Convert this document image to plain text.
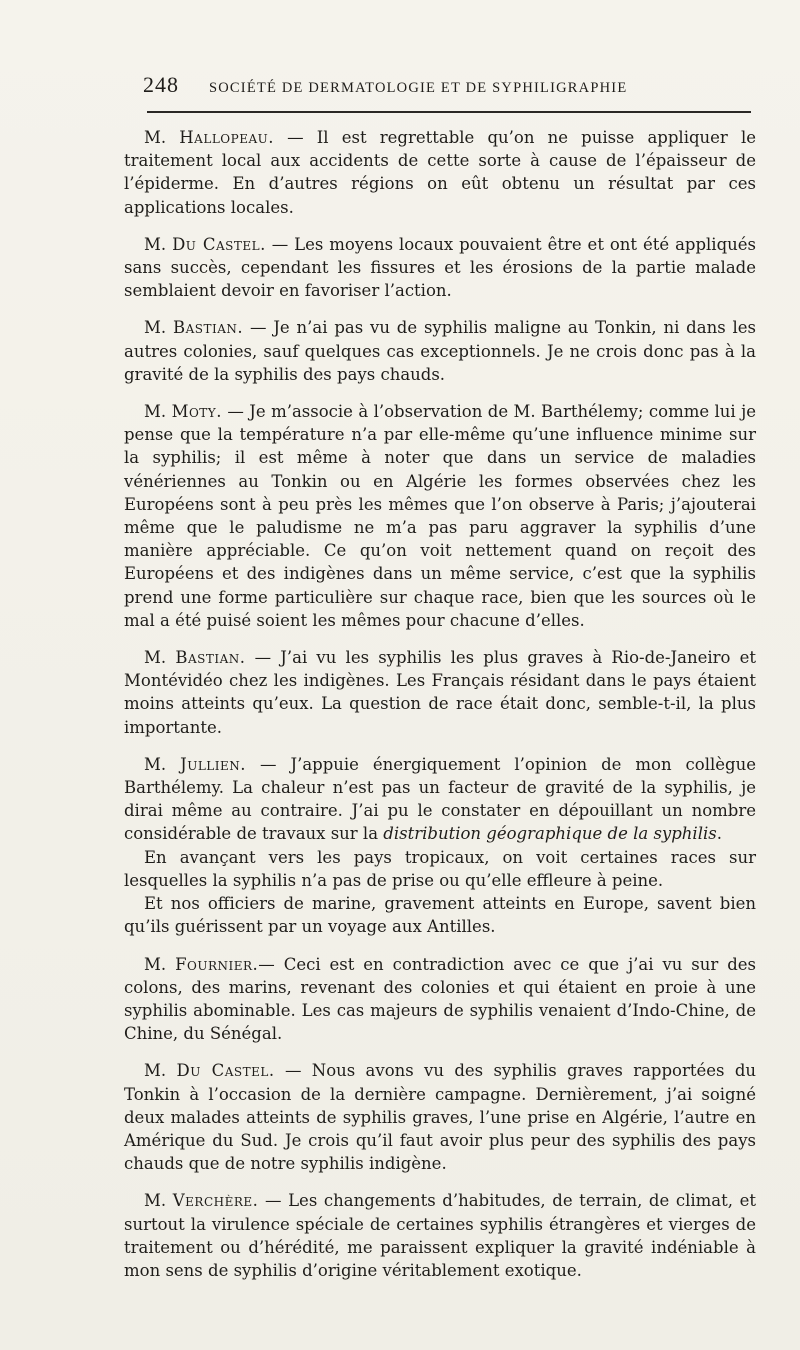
248	SOCIÉTÉ DE DERMATOLOGIE ET DE SYPHILIGRAPHIE

M. Hallopeau. — Il est regrettable qu’on ne puisse appliquer le traitement local aux accidents de cette sorte à cause de l’épaisseur de l’épiderme. En d’autres régions on eût obtenu un résultat par ces applications locales.

M. Du Castel. — Les moyens locaux pouvaient être et ont été appliqués sans succès, cependant les fissures et les érosions de la partie malade semblaient devoir en favoriser l’action.

M. Bastian. — Je n’ai pas vu de syphilis maligne au Tonkin, ni dans les autres colonies, sauf quelques cas exceptionnels. Je ne crois donc pas à la gravité de la syphilis des pays chauds.

M. Moty. — Je m’associe à l’observation de M. Barthélemy; comme lui je pense que la température n’a par elle-même qu’une influence minime sur la syphilis; il est même à noter que dans un service de maladies vénériennes au Tonkin ou en Algérie les formes observées chez les Européens sont à peu près les mêmes que l’on observe à Paris; j’ajouterai même que le paludisme ne m’a pas paru aggraver la syphilis d’une manière appréciable. Ce qu’on voit nettement quand on reçoit des Européens et des indigènes dans un même service, c’est que la syphilis prend une forme particulière sur chaque race, bien que les sources où le mal a été puisé soient les mêmes pour chacune d’elles.

M. Bastian. — J’ai vu les syphilis les plus graves à Rio-de-Janeiro et Montévidéo chez les indigènes. Les Français résidant dans le pays étaient moins atteints qu’eux. La question de race était donc, semble-t-il, la plus importante.

M. Jullien. — J’appuie énergiquement l’opinion de mon collègue Barthélemy. La chaleur n’est pas un facteur de gravité de la syphilis, je dirai même au contraire. J’ai pu le constater en dépouillant un nombre considérable de travaux sur la distribution géographique de la syphilis.

En avançant vers les pays tropicaux, on voit certaines races sur lesquelles la syphilis n’a pas de prise ou qu’elle effleure à peine.

Et nos officiers de marine, gravement atteints en Europe, savent bien qu’ils guérissent par un voyage aux Antilles.

M. Fournier.— Ceci est en contradiction avec ce que j’ai vu sur des colons, des marins, revenant des colonies et qui étaient en proie à une syphilis abominable. Les cas majeurs de syphilis venaient d’Indo-Chine, de Chine, du Sénégal.

M. Du Castel. — Nous avons vu des syphilis graves rapportées du Tonkin à l’occasion de la dernière campagne. Dernièrement, j’ai soigné deux malades atteints de syphilis graves, l’une prise en Algérie, l’autre en Amérique du Sud. Je crois qu’il faut avoir plus peur des syphilis des pays chauds que de notre syphilis indigène.

M. Verchère. — Les changements d’habitudes, de terrain, de climat, et surtout la virulence spéciale de certaines syphilis étrangères et vierges de traitement ou d’hérédité, me paraissent expliquer la gravité indéniable à mon sens de syphilis d’origine véritablement exotique.
